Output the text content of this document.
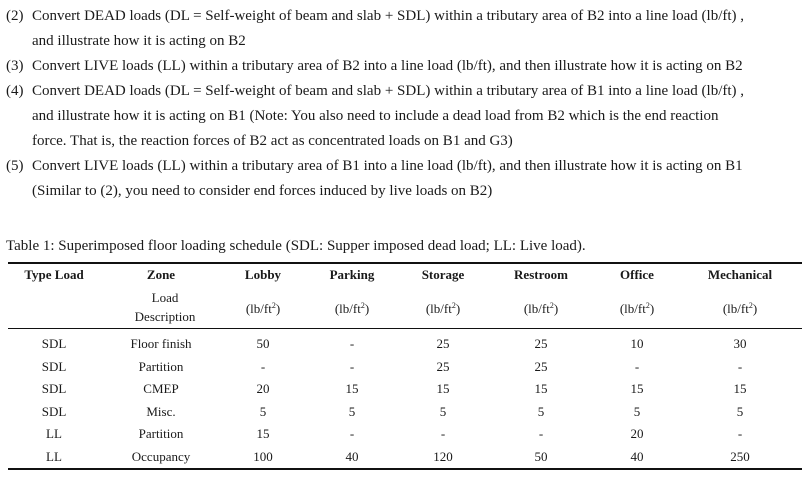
(2) Convert DEAD loads (DL = Self-weight of beam and slab + SDL) within a tributary area of B2 into a line load (lb/ft) ,
and illustrate how it is acting on B2
(3) Convert LIVE loads (LL) within a tributary area of B2 into a line load (lb/ft), and then illustrate how it is acting on B2
(4) Convert DEAD loads (DL = Self-weight of beam and slab + SDL) within a tributary area of B1 into a line load (lb/ft) ,
and illustrate how it is acting on B1 (Note: You also need to include a dead load from B2 which is the end reaction
force. That is, the reaction forces of B2 act as concentrated loads on B1 and G3)
(5) Convert LIVE loads (LL) within a tributary area of B1 into a line load (lb/ft), and then illustrate how it is acting on B1
(Similar to (2), you need to consider end forces induced by live loads on B2)
Table 1: Superimposed floor loading schedule (SDL: Supper imposed dead load; LL: Live load).
Type Load	Zone	Lobby	Parking	Storage	Restroom	Office	Mechanical
	Load
Description	$(lb/ft^2)$	$(lb/ft^2)$	$(lb/ft^2)$	$(lb/ft^2)$	$(lb/ft^2)$	$(lb/ft^2)$
SDL	Floor finish	50	-	25	25	10	30
SDL	Partition	-	-	25	25	-	-
SDL	CMEP	20	15	15	15	15	15
SDL	Misc.	5	5	5	5	5	5
LL	Partition	15	-	-	-	20	-
LL	Occupancy	100	40	120	50	40	250
